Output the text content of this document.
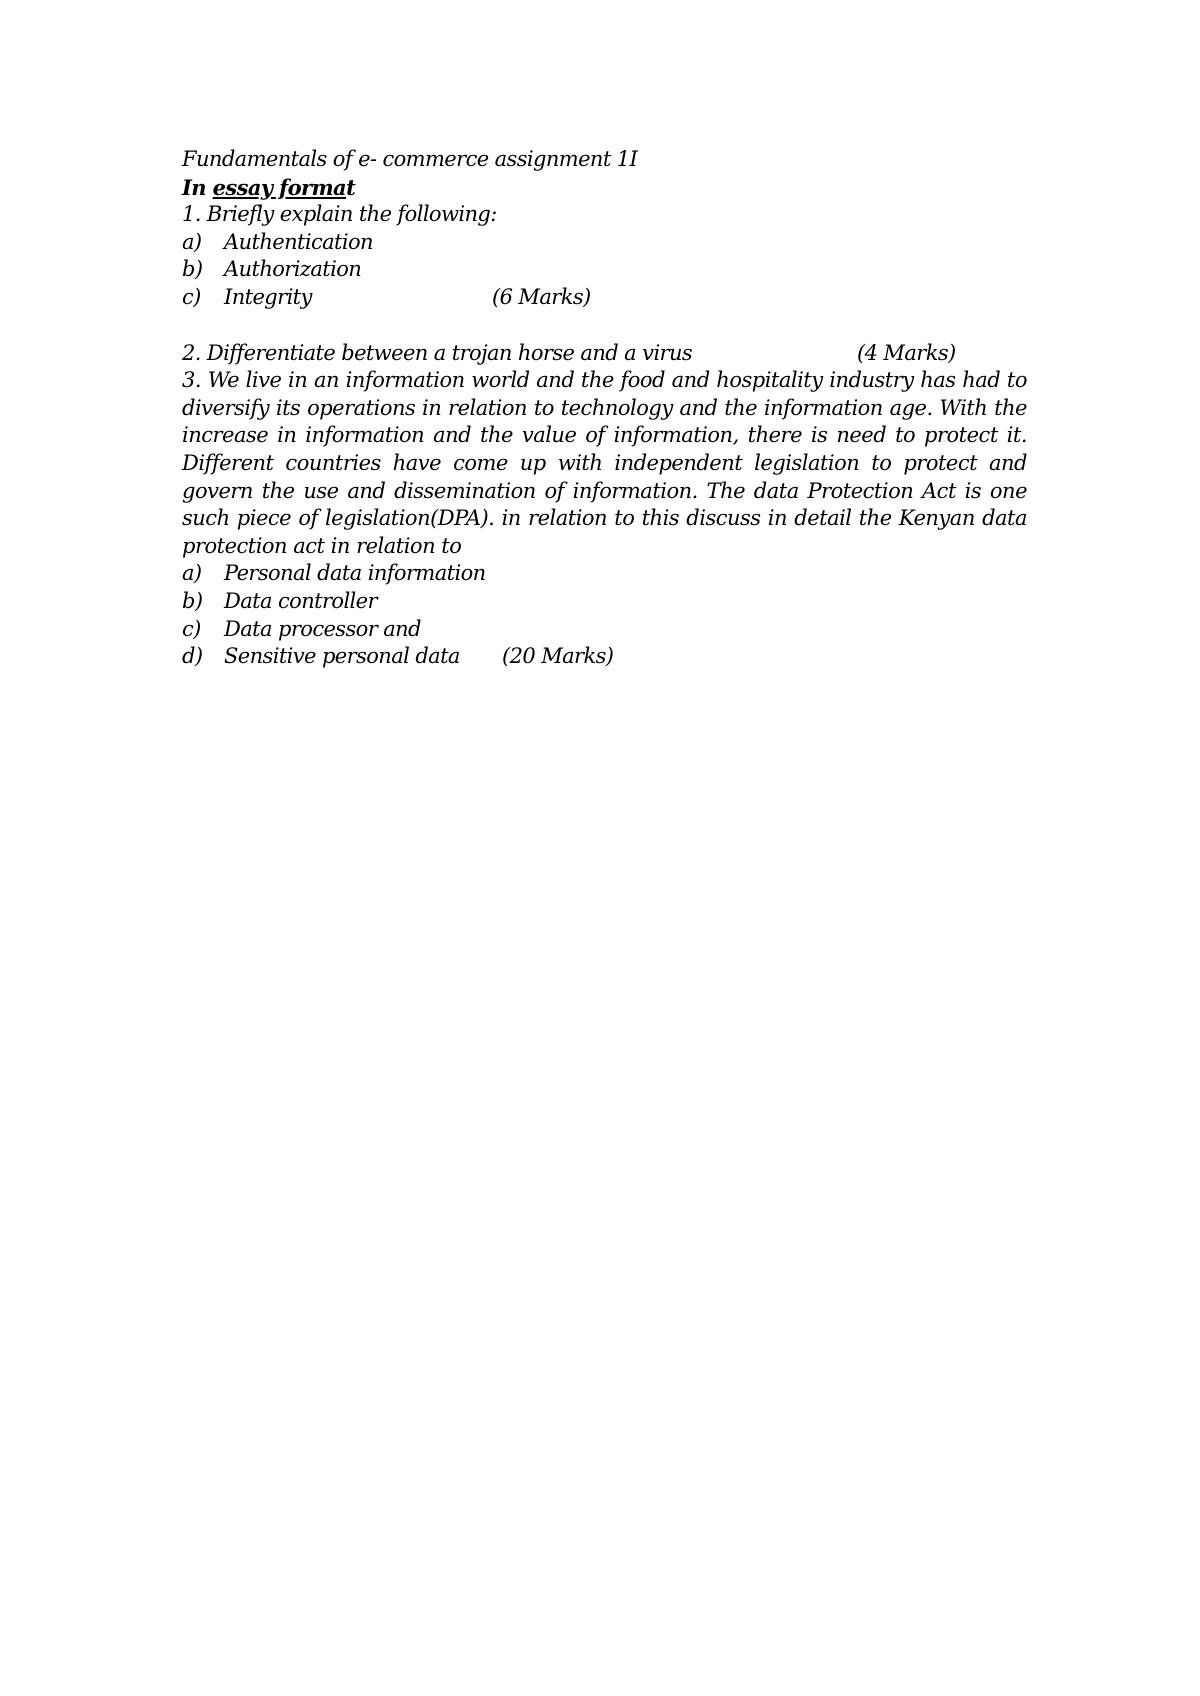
Fundamentals of e- commerce assignment 1I
In essay format
1. Briefly explain the following:
a) Authentication
b) Authorization
c) Integrity	(6 Marks)
2. Differentiate between a trojan horse and a virus	(4 Marks)
3. We live in an information world and the food and hospitality industry has had to diversify its operations in relation to technology and the information age. With the increase in information and the value of information, there is need to protect it. Different countries have come up with independent legislation to protect and govern the use and dissemination of information. The data Protection Act is one such piece of legislation(DPA). in relation to this discuss in detail the Kenyan data protection act in relation to
a) Personal data information
b) Data controller
c) Data processor and
d) Sensitive personal data (20 Marks)
